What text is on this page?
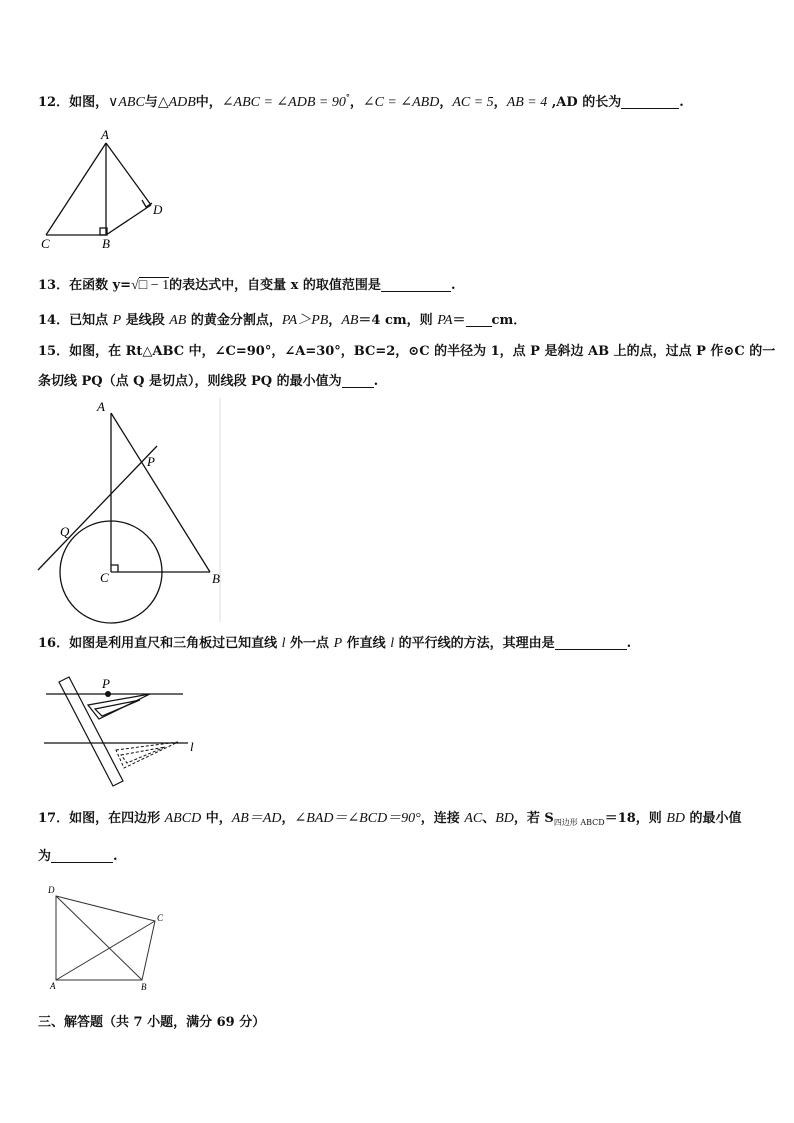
12．如图，∨ABC与△ADB中，∠ABC = ∠ADB = 90°，∠C = ∠ABD，AC = 5，AB = 4 ,AD 的长为	.
A
D
C	B
13．在函数 y=√□ − 1的表达式中，自变量 x 的取值范围是	.
14．已知点 P 是线段 AB 的黄金分割点，PA＞PB，AB＝4 cm，则 PA＝ cm．
15．如图，在 Rt△ABC 中，∠C=90°，∠A=30°，BC=2，⊙C 的半径为 1，点 P 是斜边 AB 上的点，过点 P 作⊙C 的一
条切线 PQ（点 Q 是切点），则线段 PQ 的最小值为 .
A
P
Q
C	B
16．如图是利用直尺和三角板过已知直线 l 外一点 P 作直线 l 的平行线的方法，其理由是	.
P
l
17．如图，在四边形 ABCD 中，AB＝AD，∠BAD＝∠BCD＝90°，连接 AC、BD，若 $S_{四边形 ABCD}=18$，则 BD 的最小值
为	.
D
C
A	B
三、解答题（共 7 小题，满分 69 分）
